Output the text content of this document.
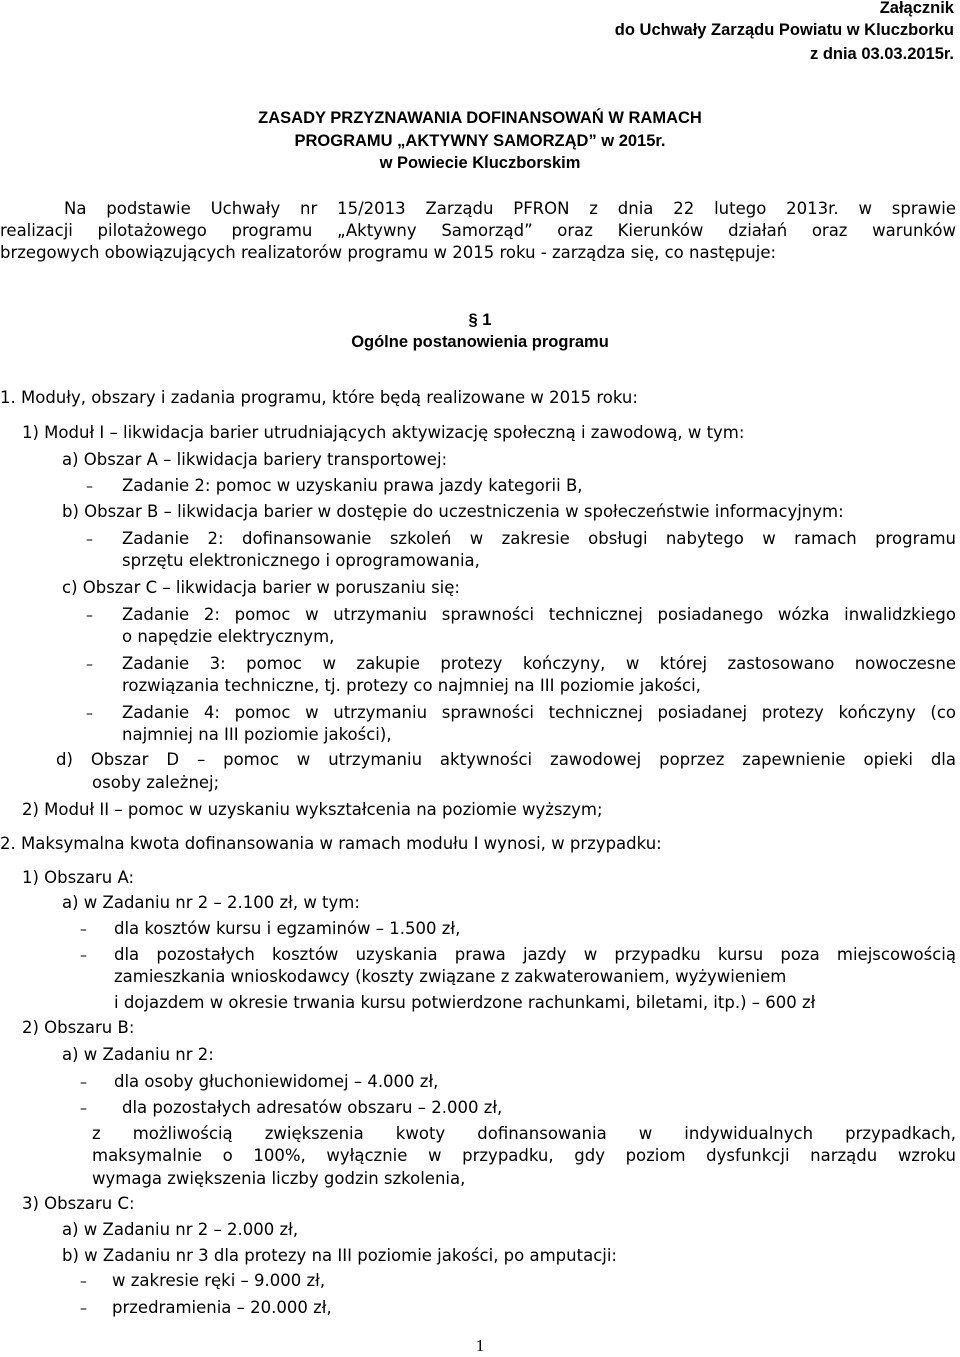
Załącznik
do Uchwały Zarządu Powiatu w Kluczborku
z dnia 03.03.2015r.
ZASADY PRZYZNAWANIA DOFINANSOWAŃ W RAMACH
PROGRAMU „AKTYWNY SAMORZĄD” w 2015r.
w Powiecie Kluczborskim
Na podstawie Uchwały nr 15/2013 Zarządu PFRON z dnia 22 lutego 2013r. w sprawie
realizacji pilotażowego programu „Aktywny Samorząd” oraz Kierunków działań oraz warunków
brzegowych obowiązujących realizatorów programu w 2015 roku - zarządza się, co następuje:
§ 1
Ogólne postanowienia programu
1. Moduły, obszary i zadania programu, które będą realizowane w 2015 roku:
1) Moduł I – likwidacja barier utrudniających aktywizację społeczną i zawodową, w tym:
a) Obszar A – likwidacja bariery transportowej:
– Zadanie 2: pomoc w uzyskaniu prawa jazdy kategorii B,
b) Obszar B – likwidacja barier w dostępie do uczestniczenia w społeczeństwie informacyjnym:
– Zadanie 2: dofinansowanie szkoleń w zakresie obsługi nabytego w ramach programu
sprzętu elektronicznego i oprogramowania,
c) Obszar C – likwidacja barier w poruszaniu się:
– Zadanie 2: pomoc w utrzymaniu sprawności technicznej posiadanego wózka inwalidzkiego
o napędzie elektrycznym,
– Zadanie 3: pomoc w zakupie protezy kończyny, w której zastosowano nowoczesne
rozwiązania techniczne, tj. protezy co najmniej na III poziomie jakości,
– Zadanie 4: pomoc w utrzymaniu sprawności technicznej posiadanej protezy kończyny (co
najmniej na III poziomie jakości),
d) Obszar D – pomoc w utrzymaniu aktywności zawodowej poprzez zapewnienie opieki dla
osoby zależnej;
2) Moduł II – pomoc w uzyskaniu wykształcenia na poziomie wyższym;
2. Maksymalna kwota dofinansowania w ramach modułu I wynosi, w przypadku:
1) Obszaru A:
a) w Zadaniu nr 2 – 2.100 zł, w tym:
– dla kosztów kursu i egzaminów – 1.500 zł,
– dla pozostałych kosztów uzyskania prawa jazdy w przypadku kursu poza miejscowością
zamieszkania wnioskodawcy (koszty związane z zakwaterowaniem, wyżywieniem
i dojazdem w okresie trwania kursu potwierdzone rachunkami, biletami, itp.) – 600 zł
2) Obszaru B:
a) w Zadaniu nr 2:
– dla osoby głuchoniewidomej – 4.000 zł,
– dla pozostałych adresatów obszaru – 2.000 zł,
z możliwością zwiększenia kwoty dofinansowania w indywidualnych przypadkach,
maksymalnie o 100%, wyłącznie w przypadku, gdy poziom dysfunkcji narządu wzroku
wymaga zwiększenia liczby godzin szkolenia,
3) Obszaru C:
a) w Zadaniu nr 2 – 2.000 zł,
b) w Zadaniu nr 3 dla protezy na III poziomie jakości, po amputacji:
– w zakresie ręki – 9.000 zł,
– przedramienia – 20.000 zł,
1
